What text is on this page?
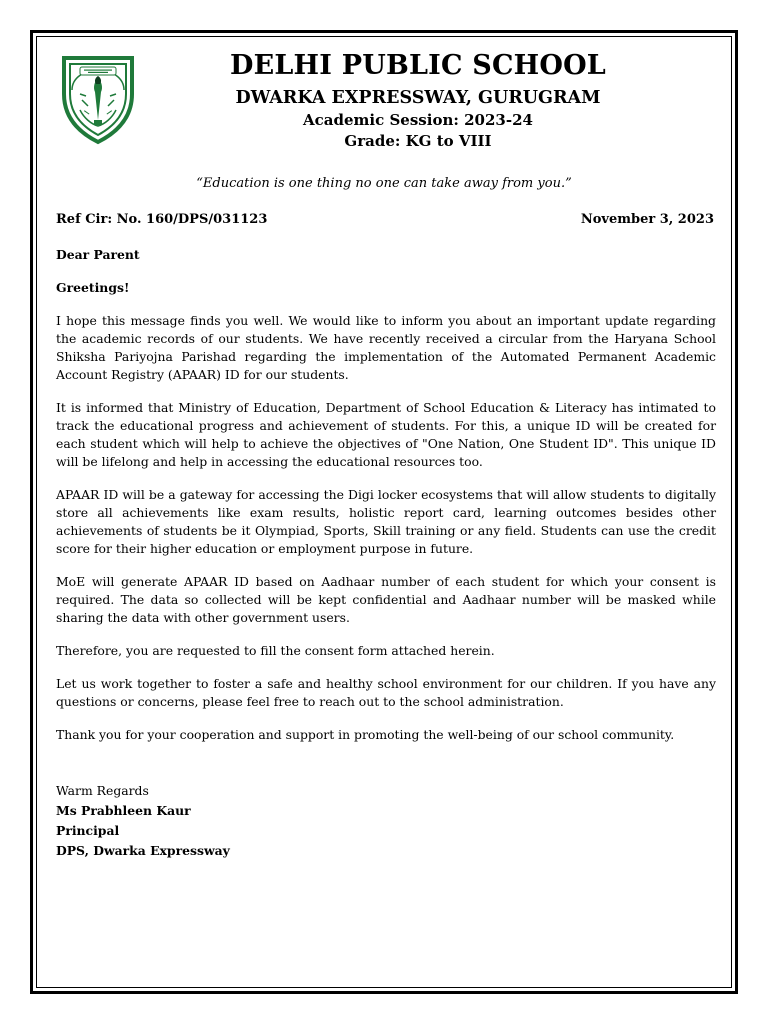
DELHI PUBLIC SCHOOL
DWARKA EXPRESSWAY, GURUGRAM
Academic Session: 2023-24
Grade: KG to VIII
“Education is one thing no one can take away from you.”
Ref Cir: No. 160/DPS/031123	November 3, 2023

Dear Parent

Greetings!

I hope this message finds you well. We would like to inform you about an important update regarding the academic records of our students. We have recently received a circular from the Haryana School Shiksha Pariyojna Parishad regarding the implementation of the Automated Permanent Academic Account Registry (APAAR) ID for our students.

It is informed that Ministry of Education, Department of School Education & Literacy has intimated to track the educational progress and achievement of students. For this, a unique ID will be created for each student which will help to achieve the objectives of "One Nation, One Student ID". This unique ID will be lifelong and help in accessing the educational resources too.

APAAR ID will be a gateway for accessing the Digi locker ecosystems that will allow students to digitally store all achievements like exam results, holistic report card, learning outcomes besides other achievements of students be it Olympiad, Sports, Skill training or any field. Students can use the credit score for their higher education or employment purpose in future.

MoE will generate APAAR ID based on Aadhaar number of each student for which your consent is required. The data so collected will be kept confidential and Aadhaar number will be masked while sharing the data with other government users.

Therefore, you are requested to fill the consent form attached herein.

Let us work together to foster a safe and healthy school environment for our children. If you have any questions or concerns, please feel free to reach out to the school administration.

Thank you for your cooperation and support in promoting the well-being of our school community.

Warm Regards
Ms Prabhleen Kaur
Principal
DPS, Dwarka Expressway
